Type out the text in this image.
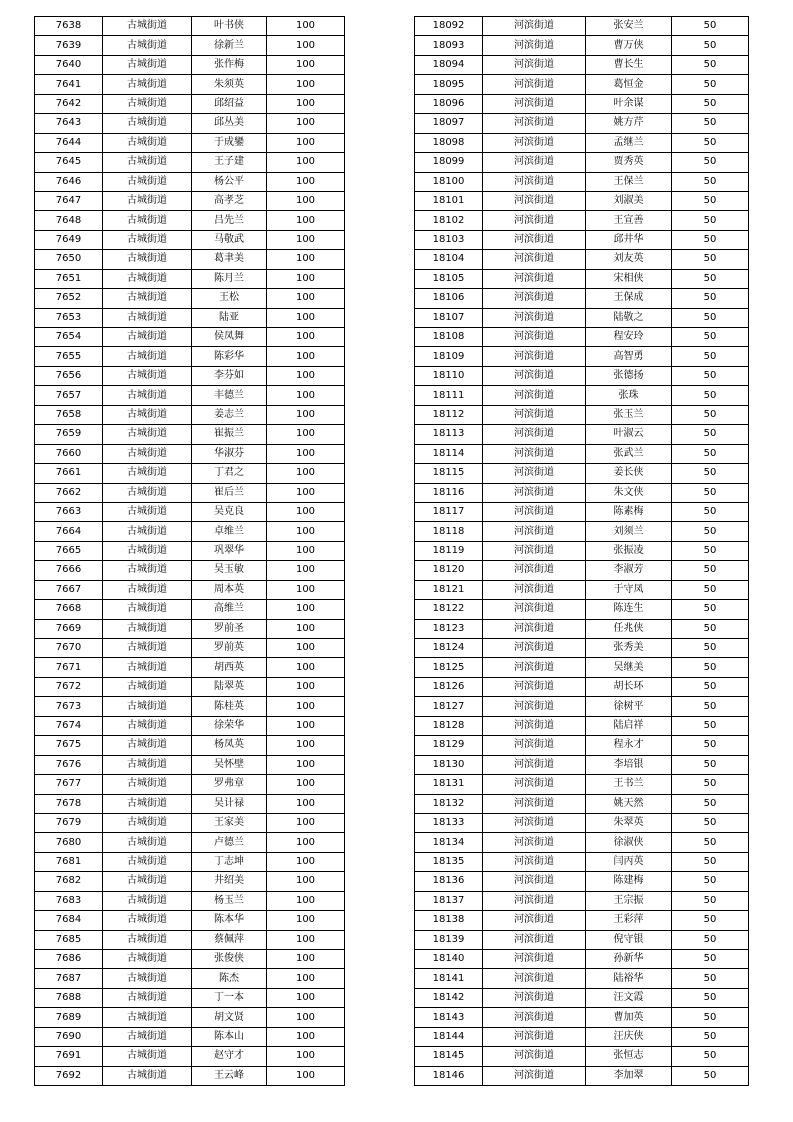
7638	古城街道	叶书侠	100
7639	古城街道	徐新兰	100
7640	古城街道	张作梅	100
7641	古城街道	朱须英	100
7642	古城街道	邱绍益	100
7643	古城街道	邱丛美	100
7644	古城街道	于成鑾	100
7645	古城街道	王子建	100
7646	古城街道	杨公平	100
7647	古城街道	高孝芝	100
7648	古城街道	吕先兰	100
7649	古城街道	马敬武	100
7650	古城街道	葛聿美	100
7651	古城街道	陈月兰	100
7652	古城街道	王松	100
7653	古城街道	陆亚	100
7654	古城街道	侯凤舞	100
7655	古城街道	陈彩华	100
7656	古城街道	李芬如	100
7657	古城街道	丰德兰	100
7658	古城街道	姜志兰	100
7659	古城街道	崔振兰	100
7660	古城街道	华淑芬	100
7661	古城街道	丁君之	100
7662	古城街道	崔后兰	100
7663	古城街道	吴克良	100
7664	古城街道	卓维兰	100
7665	古城街道	巩翠华	100
7666	古城街道	吴玉敏	100
7667	古城街道	周本英	100
7668	古城街道	高维兰	100
7669	古城街道	罗前圣	100
7670	古城街道	罗前英	100
7671	古城街道	胡西英	100
7672	古城街道	陆翠英	100
7673	古城街道	陈桂英	100
7674	古城街道	徐荣华	100
7675	古城街道	杨凤英	100
7676	古城街道	吴怀壁	100
7677	古城街道	罗弗章	100
7678	古城街道	吴计禄	100
7679	古城街道	王家美	100
7680	古城街道	卢德兰	100
7681	古城街道	丁志坤	100
7682	古城街道	井绍美	100
7683	古城街道	杨玉兰	100
7684	古城街道	陈本华	100
7685	古城街道	蔡佩萍	100
7686	古城街道	张俊侠	100
7687	古城街道	陈杰	100
7688	古城街道	丁一本	100
7689	古城街道	胡文贤	100
7690	古城街道	陈本山	100
7691	古城街道	赵守才	100
7692	古城街道	王云峰	100
18092	河滨街道	张安兰	50
18093	河滨街道	曹万侠	50
18094	河滨街道	曹长生	50
18095	河滨街道	葛恒金	50
18096	河滨街道	叶余谋	50
18097	河滨街道	姚方芹	50
18098	河滨街道	孟继兰	50
18099	河滨街道	贾秀英	50
18100	河滨街道	王保兰	50
18101	河滨街道	刘淑美	50
18102	河滨街道	王宣善	50
18103	河滨街道	邱井华	50
18104	河滨街道	刘友英	50
18105	河滨街道	宋相侠	50
18106	河滨街道	王保成	50
18107	河滨街道	陆敬之	50
18108	河滨街道	程安玲	50
18109	河滨街道	高智勇	50
18110	河滨街道	张德扬	50
18111	河滨街道	张珠	50
18112	河滨街道	张玉兰	50
18113	河滨街道	叶淑云	50
18114	河滨街道	张武兰	50
18115	河滨街道	姜长侠	50
18116	河滨街道	朱文侠	50
18117	河滨街道	陈素梅	50
18118	河滨街道	刘须兰	50
18119	河滨街道	张振凌	50
18120	河滨街道	李淑芳	50
18121	河滨街道	于守凤	50
18122	河滨街道	陈连生	50
18123	河滨街道	任兆侠	50
18124	河滨街道	张秀美	50
18125	河滨街道	吴继美	50
18126	河滨街道	胡长环	50
18127	河滨街道	徐树平	50
18128	河滨街道	陆启祥	50
18129	河滨街道	程永才	50
18130	河滨街道	李培银	50
18131	河滨街道	王书兰	50
18132	河滨街道	姚天然	50
18133	河滨街道	朱翠英	50
18134	河滨街道	徐淑侠	50
18135	河滨街道	闫丙英	50
18136	河滨街道	陈建梅	50
18137	河滨街道	王宗振	50
18138	河滨街道	王彩萍	50
18139	河滨街道	倪守银	50
18140	河滨街道	孙新华	50
18141	河滨街道	陆裕华	50
18142	河滨街道	汪文霞	50
18143	河滨街道	曹加英	50
18144	河滨街道	汪庆侠	50
18145	河滨街道	张恒志	50
18146	河滨街道	李加翠	50
